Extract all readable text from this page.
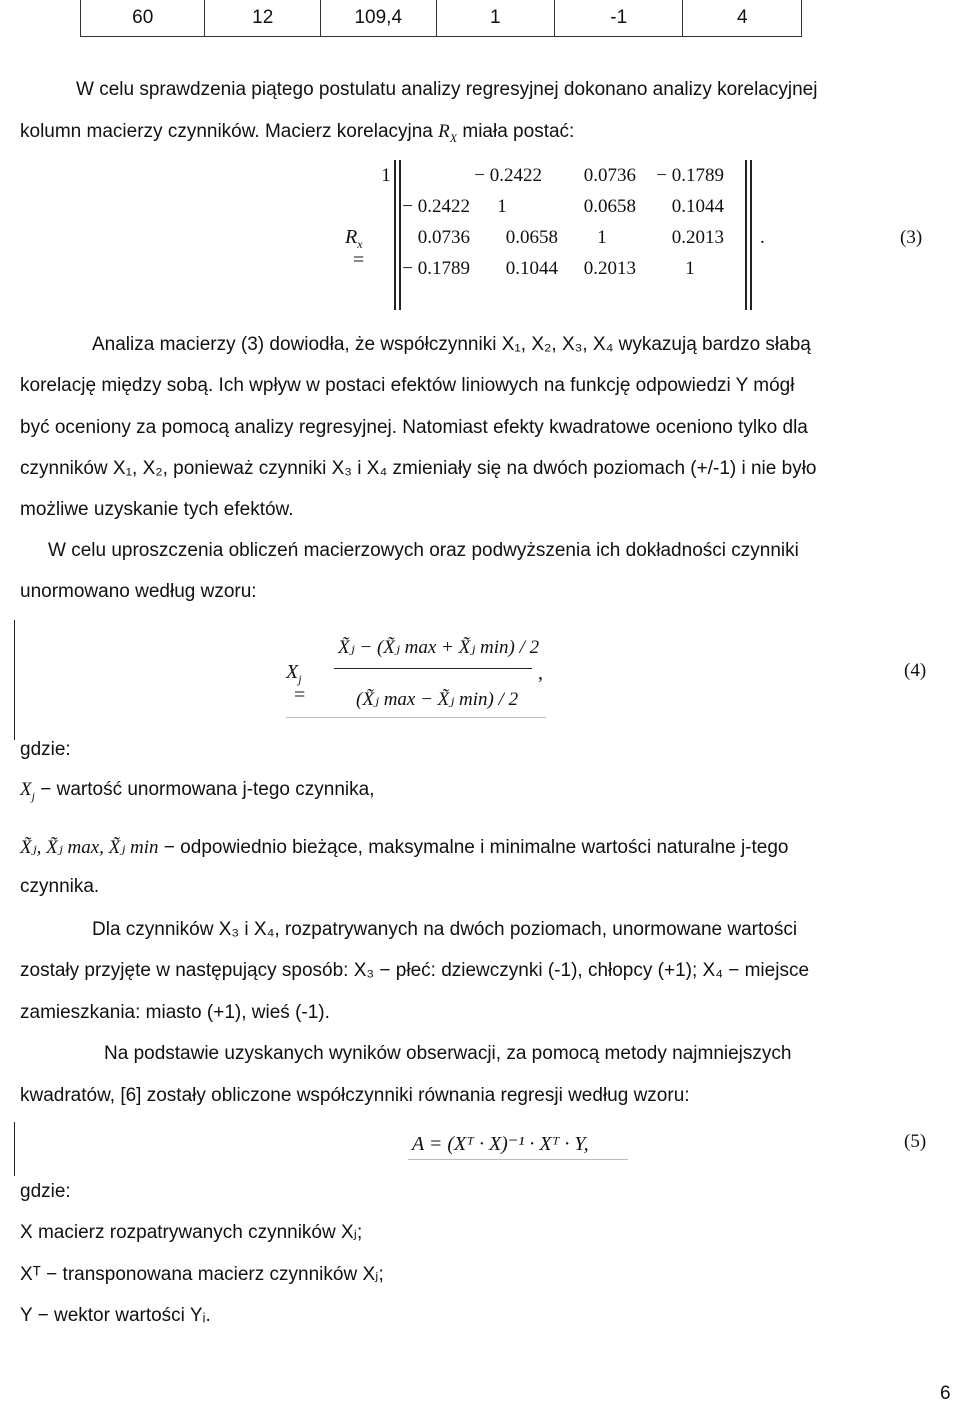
60	12	109,4	1	-1	4
W celu sprawdzenia piątego postulatu analizy regresyjnej dokonano analizy korelacyjnej
kolumn macierzy czynników. Macierz korelacyjna $R_X$ miała postać:
$R_x$ =
1	− 0.2422	0.0736	− 0.1789
− 0.2422	1	0.0658	0.1044
0.0736	0.0658	1	0.2013
− 0.1789	0.1044	0.2013	1
.	(3)
Analiza macierzy (3) dowiodła, że współczynniki X₁, X₂, X₃, X₄ wykazują bardzo słabą
korelację między sobą. Ich wpływ w postaci efektów liniowych na funkcję odpowiedzi Y mógł
być oceniony za pomocą analizy regresyjnej. Natomiast efekty kwadratowe oceniono tylko dla
czynników X₁, X₂, ponieważ czynniki X₃ i X₄ zmieniały się na dwóch poziomach (+/-1) i nie było
możliwe uzyskanie tych efektów.
W celu uproszczenia obliczeń macierzowych oraz podwyższenia ich dokładności czynniki
unormowano według wzoru:
$X_j$ =
X̃ⱼ − (X̃ⱼ max + X̃ⱼ min) / 2
(X̃ⱼ max − X̃ⱼ min) / 2
,	(4)
gdzie:
$X_j$ − wartość unormowana j-tego czynnika,
X̃ⱼ, X̃ⱼ max, X̃ⱼ min − odpowiednio bieżące, maksymalne i minimalne wartości naturalne j-tego
czynnika.
Dla czynników X₃ i X₄, rozpatrywanych na dwóch poziomach, unormowane wartości
zostały przyjęte w następujący sposób: X₃ − płeć: dziewczynki (-1), chłopcy (+1); X₄ − miejsce
zamieszkania: miasto (+1), wieś (-1).
Na podstawie uzyskanych wyników obserwacji, za pomocą metody najmniejszych
kwadratów, [6] zostały obliczone współczynniki równania regresji według wzoru:
A = (Xᵀ · X)⁻¹ · Xᵀ · Y,	(5)
gdzie:
X macierz rozpatrywanych czynników Xⱼ;
Xᵀ − transponowana macierz czynników Xⱼ;
Y − wektor wartości Yᵢ.
6
